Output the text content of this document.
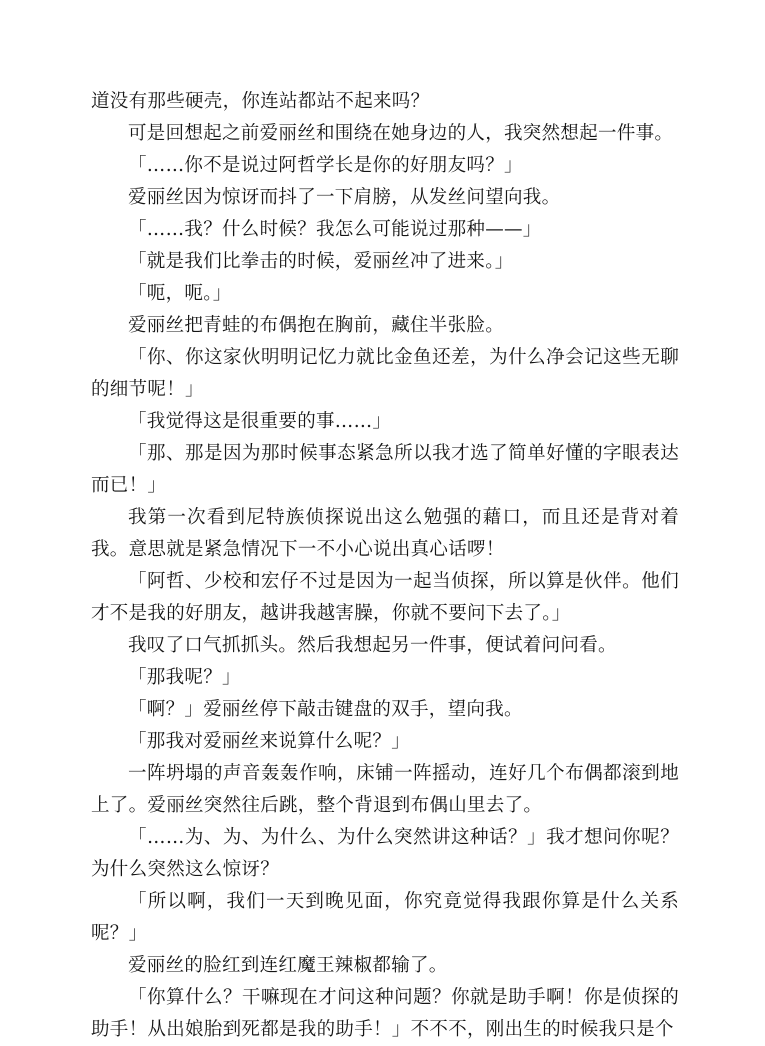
道没有那些硬壳，你连站都站不起来吗？

可是回想起之前爱丽丝和围绕在她身边的人，我突然想起一件事。

「……你不是说过阿哲学长是你的好朋友吗？」

爱丽丝因为惊讶而抖了一下肩膀，从发丝问望向我。

「……我？什么时候？我怎么可能说过那种——」

「就是我们比拳击的时候，爱丽丝冲了进来。」

「呃，呃。」

爱丽丝把青蛙的布偶抱在胸前，藏住半张脸。

「你、你这家伙明明记忆力就比金鱼还差，为什么净会记这些无聊的细节呢！」

「我觉得这是很重要的事……」

「那、那是因为那时候事态紧急所以我才选了简单好懂的字眼表达而已！」

我第一次看到尼特族侦探说出这么勉强的藉口，而且还是背对着我。意思就是紧急情况下一不小心说出真心话啰！

「阿哲、少校和宏仔不过是因为一起当侦探，所以算是伙伴。他们才不是我的好朋友，越讲我越害臊，你就不要问下去了。」

我叹了口气抓抓头。然后我想起另一件事，便试着问问看。

「那我呢？」

「啊？」爱丽丝停下敲击键盘的双手，望向我。

「那我对爱丽丝来说算什么呢？」

一阵坍塌的声音轰轰作响，床铺一阵摇动，连好几个布偶都滚到地上了。爱丽丝突然往后跳，整个背退到布偶山里去了。

「……为、为、为什么、为什么突然讲这种话？」我才想问你呢？为什么突然这么惊讶？

「所以啊，我们一天到晚见面，你究竟觉得我跟你算是什么关系呢？」

爱丽丝的脸红到连红魔王辣椒都输了。

「你算什么？干嘛现在才问这种问题？你就是助手啊！你是侦探的助手！从出娘胎到死都是我的助手！」不不不，刚出生的时候我只是个
